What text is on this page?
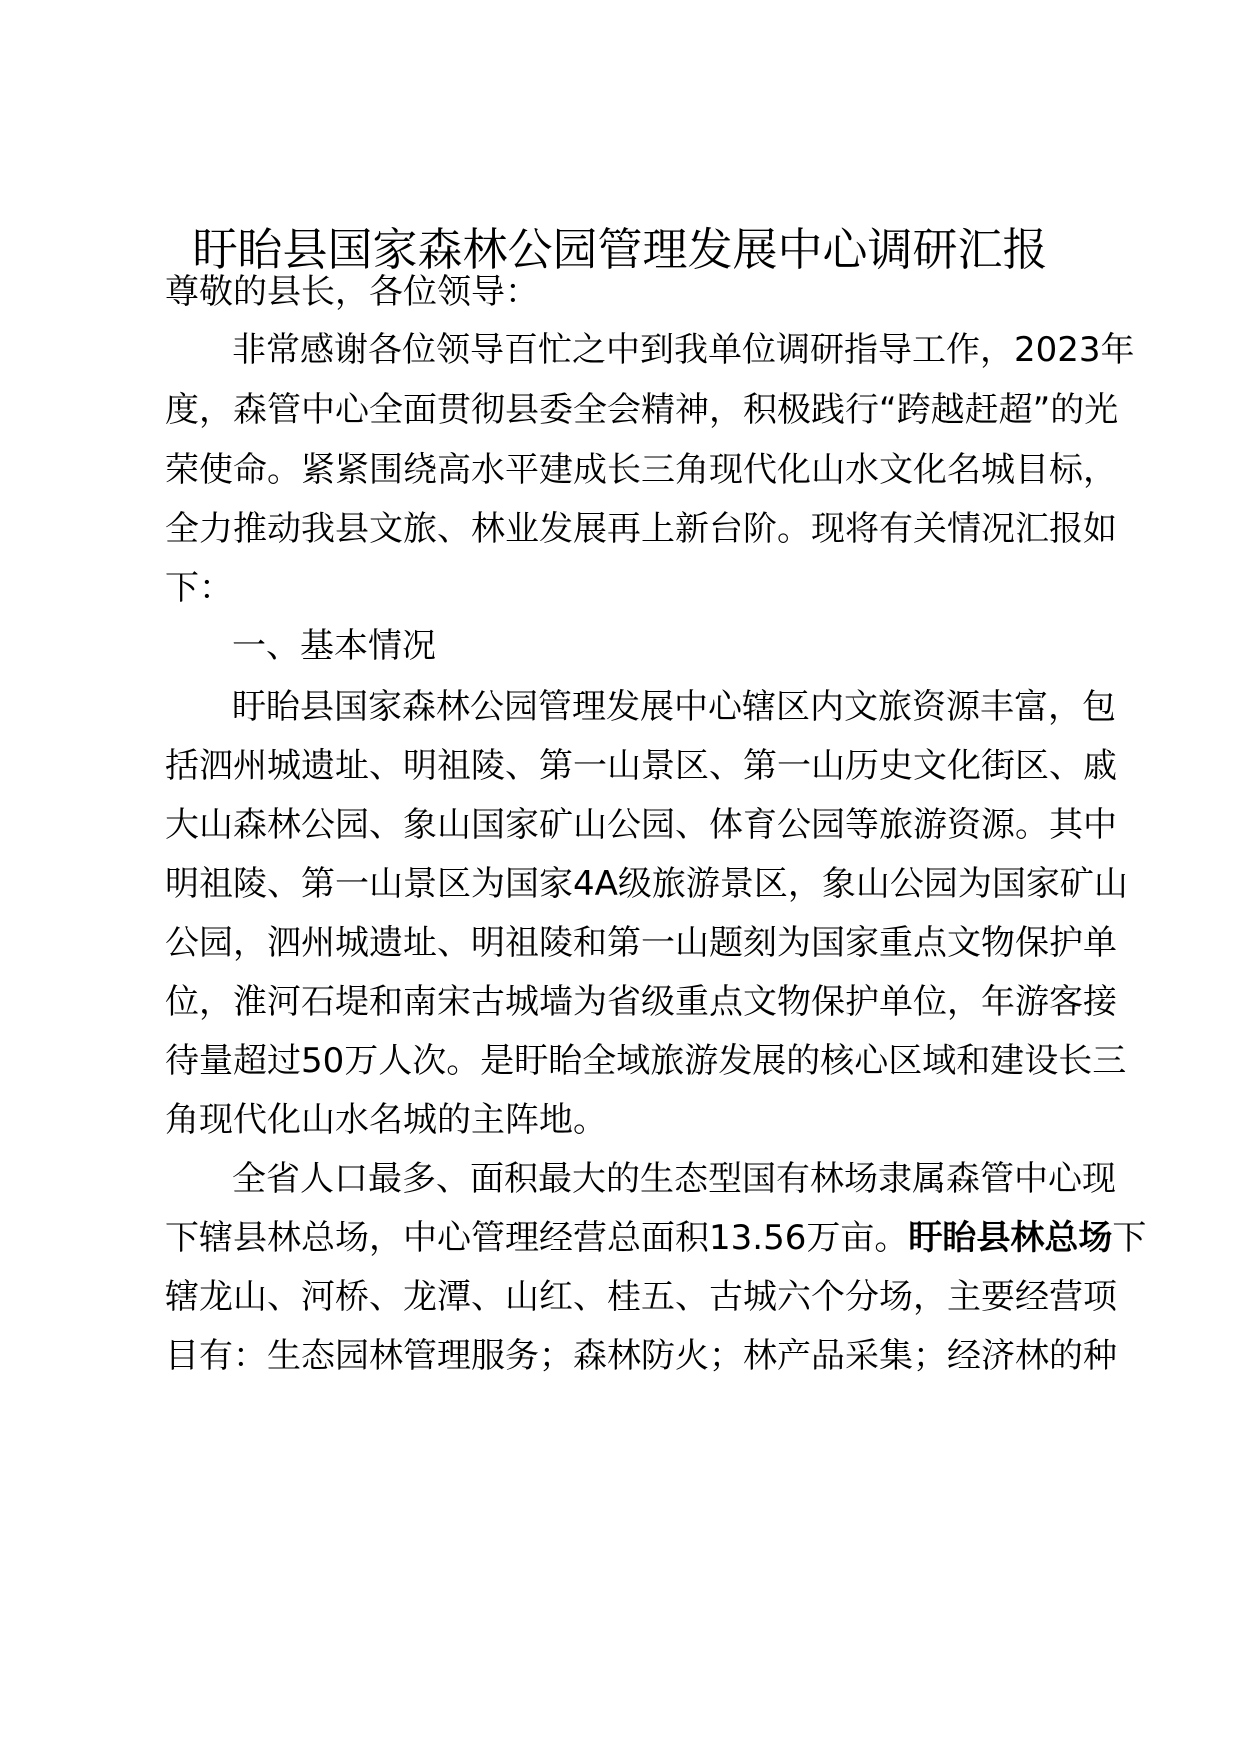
盱眙县国家森林公园管理发展中心调研汇报
尊敬的县长，各位领导：
非常感谢各位领导百忙之中到我单位调研指导工作，2023年
度，森管中心全面贯彻县委全会精神，积极践行“跨越赶超”的光
荣使命。紧紧围绕高水平建成长三角现代化山水文化名城目标，
全力推动我县文旅、林业发展再上新台阶。现将有关情况汇报如
下：
一、基本情况
盱眙县国家森林公园管理发展中心辖区内文旅资源丰富，包
括泗州城遗址、明祖陵、第一山景区、第一山历史文化街区、戚
大山森林公园、象山国家矿山公园、体育公园等旅游资源。其中
明祖陵、第一山景区为国家4A级旅游景区，象山公园为国家矿山
公园，泗州城遗址、明祖陵和第一山题刻为国家重点文物保护单
位，淮河石堤和南宋古城墙为省级重点文物保护单位，年游客接
待量超过50万人次。是盱眙全域旅游发展的核心区域和建设长三
角现代化山水名城的主阵地。
全省人口最多、面积最大的生态型国有林场隶属森管中心现
下辖县林总场，中心管理经营总面积13.56万亩。盱眙县林总场下
辖龙山、河桥、龙潭、山红、桂五、古城六个分场，主要经营项
目有：生态园林管理服务；森林防火；林产品采集；经济林的种
